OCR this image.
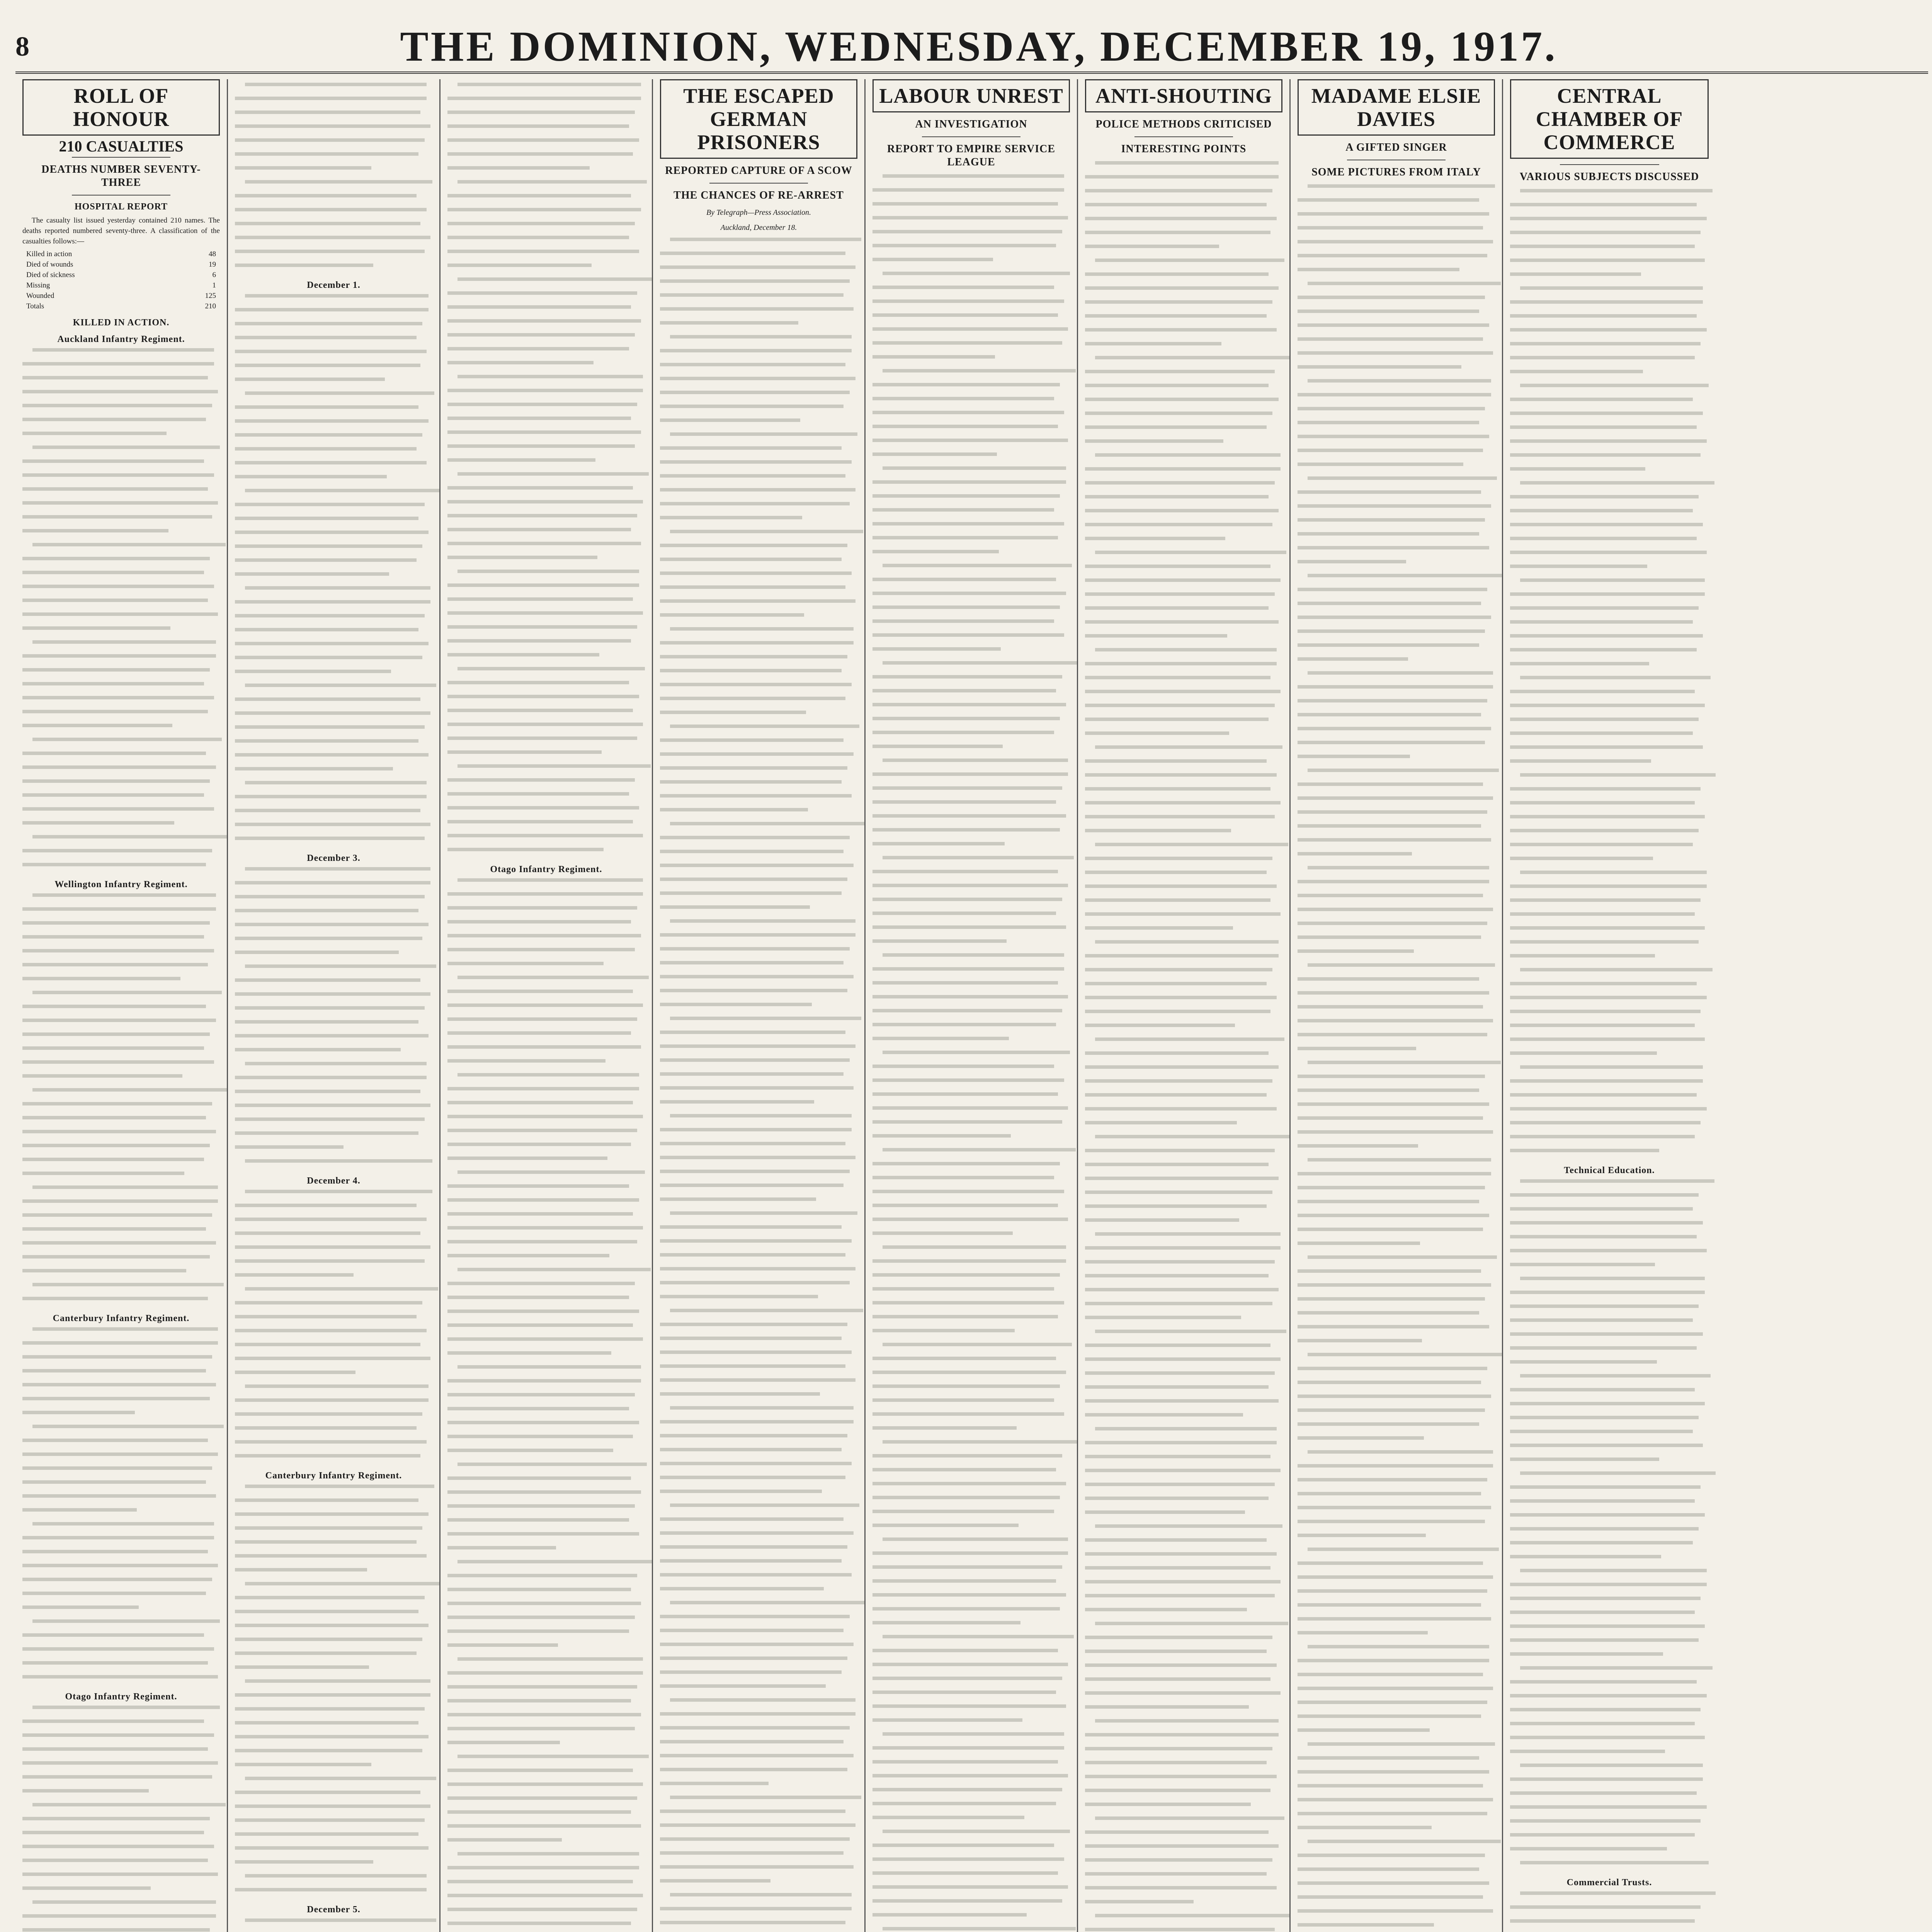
8	THE DOMINION, WEDNESDAY, DECEMBER 19, 1917.
ROLL OF HONOUR
210 CASUALTIES
DEATHS NUMBER SEVENTY-THREE
HOSPITAL REPORT

The casualty list issued yesterday contained 210 names. The deaths reported numbered seventy-three. A classification of the casualties follows:—

Killed in action	48
Died of wounds	19
Died of sickness	6
Missing	1
Wounded	125
Totals	210
KILLED IN ACTION.
Auckland Infantry Regiment.
Wellington Infantry Regiment.
Canterbury Infantry Regiment.
Otago Infantry Regiment.
December 1.
December 3.
December 4.
Canterbury Infantry Regiment.
December 5.
Otago Infantry Regiment.
THE ESCAPED GERMAN PRISONERS
REPORTED CAPTURE OF A SCOW
THE CHANCES OF RE-ARREST
By Telegraph—Press Association.
Auckland, December 18.
LABOUR UNREST
AN INVESTIGATION
REPORT TO EMPIRE SERVICE LEAGUE
ANTI-SHOUTING
POLICE METHODS CRITICISED
INTERESTING POINTS
MADAME ELSIE DAVIES
A GIFTED SINGER
SOME PICTURES FROM ITALY
CENTRAL CHAMBER OF COMMERCE
VARIOUS SUBJECTS DISCUSSED
Technical Education.
Commercial Trusts.
